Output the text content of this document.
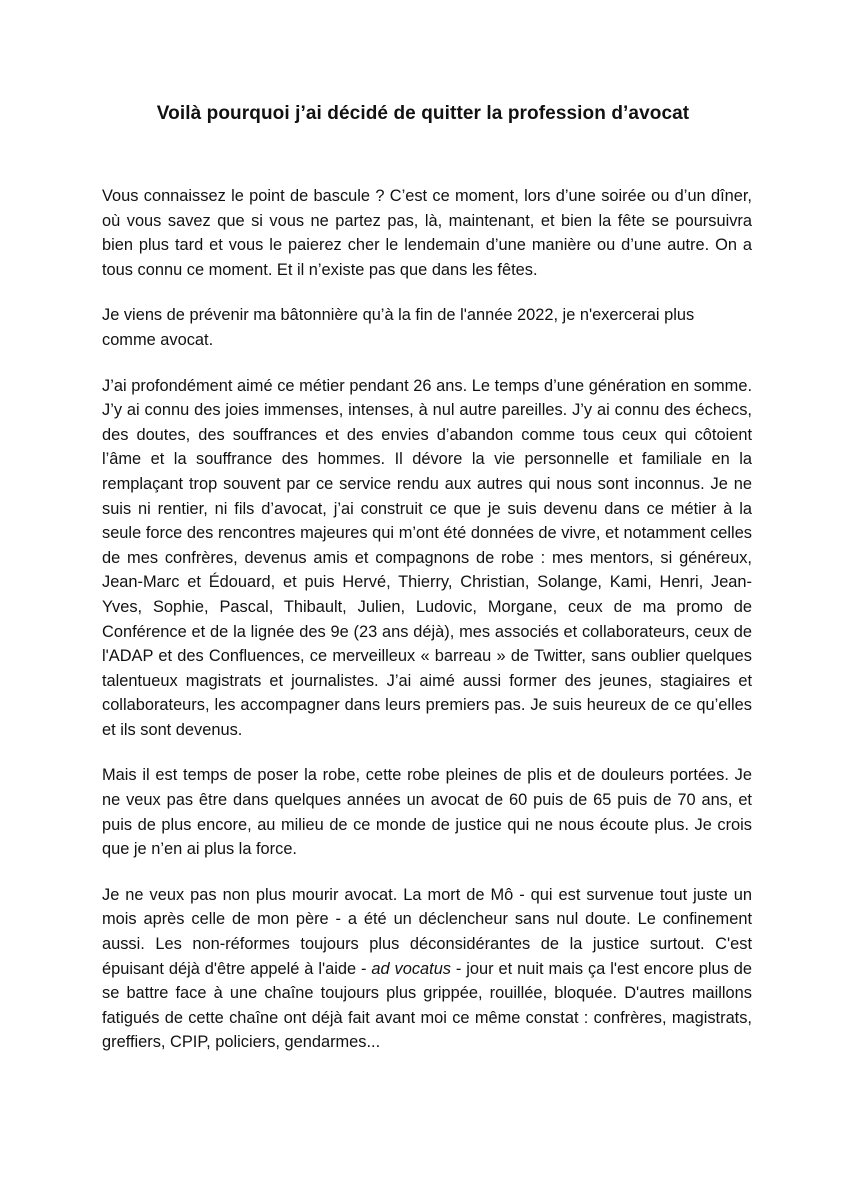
Voilà pourquoi j’ai décidé de quitter la profession d’avocat

Vous connaissez le point de bascule ? C’est ce moment, lors d’une soirée ou d’un dîner, où vous savez que si vous ne partez pas, là, maintenant, et bien la fête se poursuivra bien plus tard et vous le paierez cher le lendemain d’une manière ou d’une autre. On a tous connu ce moment. Et il n’existe pas que dans les fêtes.

Je viens de prévenir ma bâtonnière qu’à la fin de l'année 2022, je n'exercerai plus comme avocat.

J’ai profondément aimé ce métier pendant 26 ans. Le temps d’une génération en somme. J’y ai connu des joies immenses, intenses, à nul autre pareilles. J’y ai connu des échecs, des doutes, des souffrances et des envies d’abandon comme tous ceux qui côtoient l’âme et la souffrance des hommes. Il dévore la vie personnelle et familiale en la remplaçant trop souvent par ce service rendu aux autres qui nous sont inconnus. Je ne suis ni rentier, ni fils d’avocat, j’ai construit ce que je suis devenu dans ce métier à la seule force des rencontres majeures qui m’ont été données de vivre, et notamment celles de mes confrères, devenus amis et compagnons de robe : mes mentors, si généreux, Jean-Marc et Édouard, et puis Hervé, Thierry, Christian, Solange, Kami, Henri, Jean-Yves, Sophie, Pascal, Thibault, Julien, Ludovic, Morgane, ceux de ma promo de Conférence et de la lignée des 9e (23 ans déjà), mes associés et collaborateurs, ceux de l'ADAP et des Confluences, ce merveilleux « barreau » de Twitter, sans oublier quelques talentueux magistrats et journalistes. J’ai aimé aussi former des jeunes, stagiaires et collaborateurs, les accompagner dans leurs premiers pas. Je suis heureux de ce qu’elles et ils sont devenus.

Mais il est temps de poser la robe, cette robe pleines de plis et de douleurs portées. Je ne veux pas être dans quelques années un avocat de 60 puis de 65 puis de 70 ans, et puis de plus encore, au milieu de ce monde de justice qui ne nous écoute plus. Je crois que je n’en ai plus la force.

Je ne veux pas non plus mourir avocat. La mort de Mô - qui est survenue tout juste un mois après celle de mon père - a été un déclencheur sans nul doute. Le confinement aussi. Les non-réformes toujours plus déconsidérantes de la justice surtout. C'est épuisant déjà d'être appelé à l'aide - ad vocatus - jour et nuit mais ça l'est encore plus de se battre face à une chaîne toujours plus grippée, rouillée, bloquée. D'autres maillons fatigués de cette chaîne ont déjà fait avant moi ce même constat : confrères, magistrats, greffiers, CPIP, policiers, gendarmes...
